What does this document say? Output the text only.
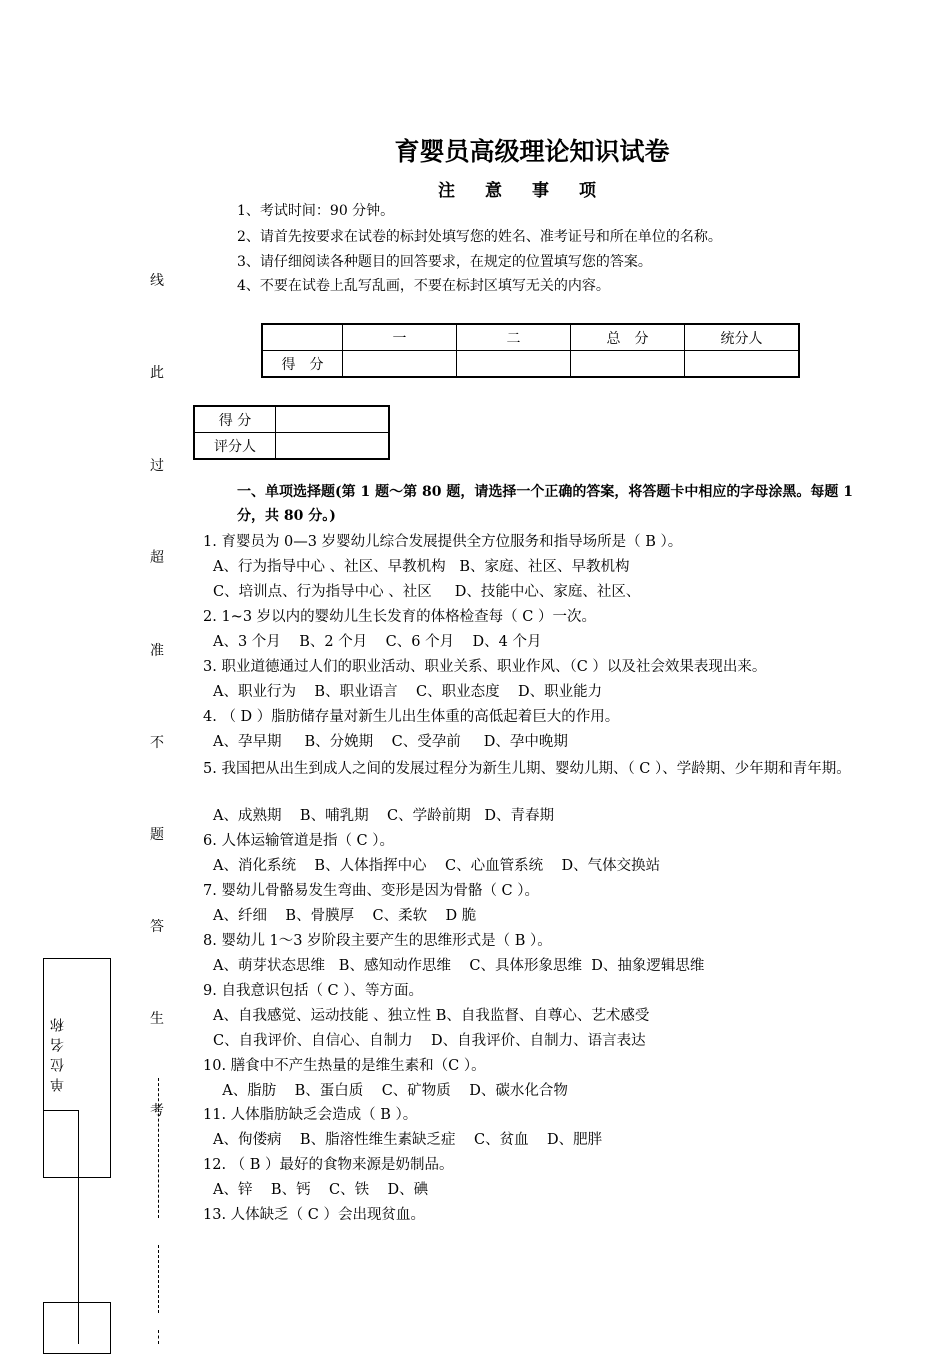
育婴员高级理论知识试卷
注意事项
1、考试时间：90 分钟。
2、请首先按要求在试卷的标封处填写您的姓名、准考证号和所在单位的名称。
3、请仔细阅读各种题目的回答要求，在规定的位置填写您的答案。
4、不要在试卷上乱写乱画，不要在标封区填写无关的内容。
	一	二	总　分	统分人
得　分				
得 分	
评分人	
线
此
过
超
准
不
题
答
生
考
单位名称
一、单项选择题(第 1 题～第 80 题，请选择一个正确的答案，将答题卡中相应的字母涂黑。每题 1 分，共 80 分。)
1. 育婴员为 0—3 岁婴幼儿综合发展提供全方位服务和指导场所是（ B ）。
A、行为指导中心 、社区、早教机构   B、家庭、社区、早教机构
C、培训点、行为指导中心 、社区     D、技能中心、家庭、社区、
2. 1~3 岁以内的婴幼儿生长发育的体格检查每（ C ）一次。
A、3 个月    B、2 个月    C、6 个月    D、4 个月
3. 职业道德通过人们的职业活动、职业关系、职业作风、（C ）以及社会效果表现出来。
A、职业行为    B、职业语言    C、职业态度    D、职业能力
4. （ D ）脂肪储存量对新生儿出生体重的高低起着巨大的作用。
A、孕早期     B、分娩期    C、受孕前     D、孕中晚期
5. 我国把从出生到成人之间的发展过程分为新生儿期、婴幼儿期、（ C ）、学龄期、少年期和青年期。
A、成熟期    B、哺乳期    C、学龄前期   D、青春期
6. 人体运输管道是指（ C ）。
A、消化系统    B、人体指挥中心    C、心血管系统    D、气体交换站
7. 婴幼儿骨骼易发生弯曲、变形是因为骨骼（ C ）。
A、纤细    B、骨膜厚    C、柔软    D 脆
8. 婴幼儿 1～3 岁阶段主要产生的思维形式是（ B ）。
A、萌芽状态思维   B、感知动作思维    C、具体形象思维  D、抽象逻辑思维
9. 自我意识包括（ C ）、等方面。
A、自我感觉、运动技能 、独立性 B、自我监督、自尊心、艺术感受
C、自我评价、自信心、自制力    D、自我评价、自制力、语言表达
10. 膳食中不产生热量的是维生素和（C ）。
A、脂肪    B、蛋白质    C、矿物质    D、碳水化合物
11. 人体脂肪缺乏会造成（ B ）。
A、佝偻病    B、脂溶性维生素缺乏症    C、贫血    D、肥胖
12. （ B ）最好的食物来源是奶制品。
A、锌    B、钙    C、铁    D、碘
13. 人体缺乏（ C ）会出现贫血。
